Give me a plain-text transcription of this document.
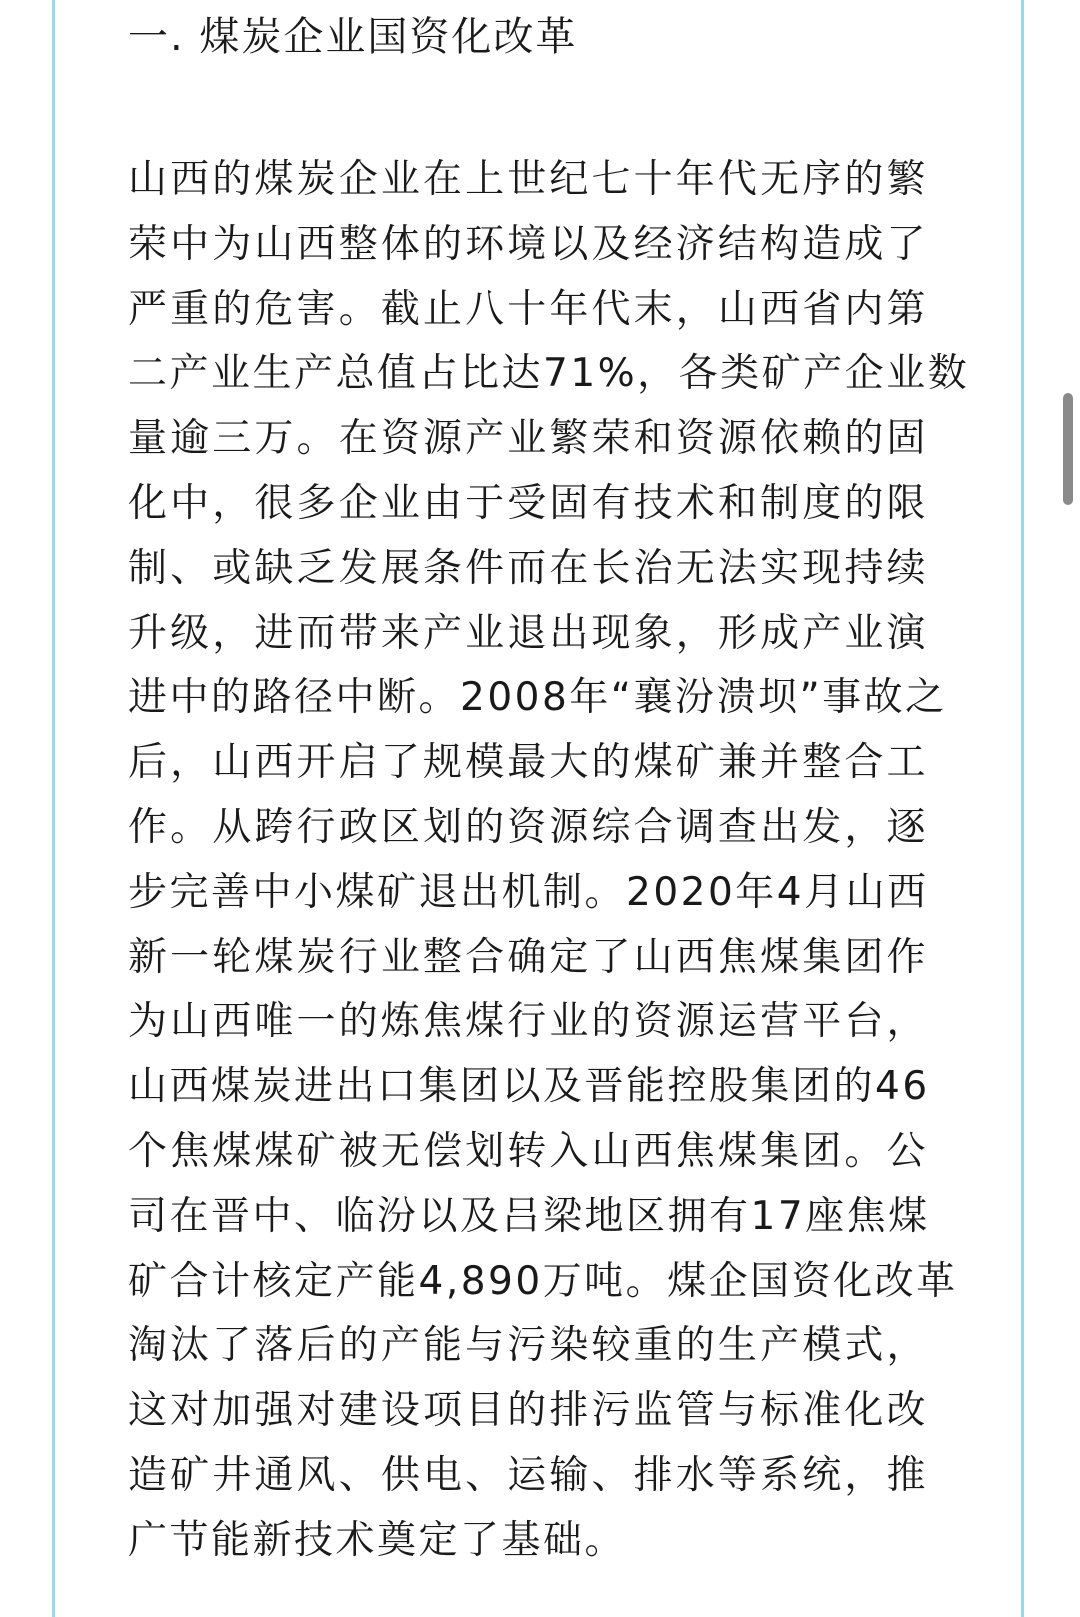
一. 煤炭企业国资化改革

山西的煤炭企业在上世纪七十年代无序的繁
荣中为山西整体的环境以及经济结构造成了
严重的危害。截止八十年代末，山西省内第
二产业生产总值占比达71%，各类矿产企业数
量逾三万。在资源产业繁荣和资源依赖的固
化中，很多企业由于受固有技术和制度的限
制、或缺乏发展条件而在长治无法实现持续
升级，进而带来产业退出现象，形成产业演
进中的路径中断。2008年“襄汾溃坝”事故之
后，山西开启了规模最大的煤矿兼并整合工
作。从跨行政区划的资源综合调查出发，逐
步完善中小煤矿退出机制。2020年4月山西
新一轮煤炭行业整合确定了山西焦煤集团作
为山西唯一的炼焦煤行业的资源运营平台，
山西煤炭进出口集团以及晋能控股集团的46
个焦煤煤矿被无偿划转入山西焦煤集团。公
司在晋中、临汾以及吕梁地区拥有17座焦煤
矿合计核定产能4,890万吨。煤企国资化改革
淘汰了落后的产能与污染较重的生产模式，
这对加强对建设项目的排污监管与标准化改
造矿井通风、供电、运输、排水等系统，推
广节能新技术奠定了基础。
